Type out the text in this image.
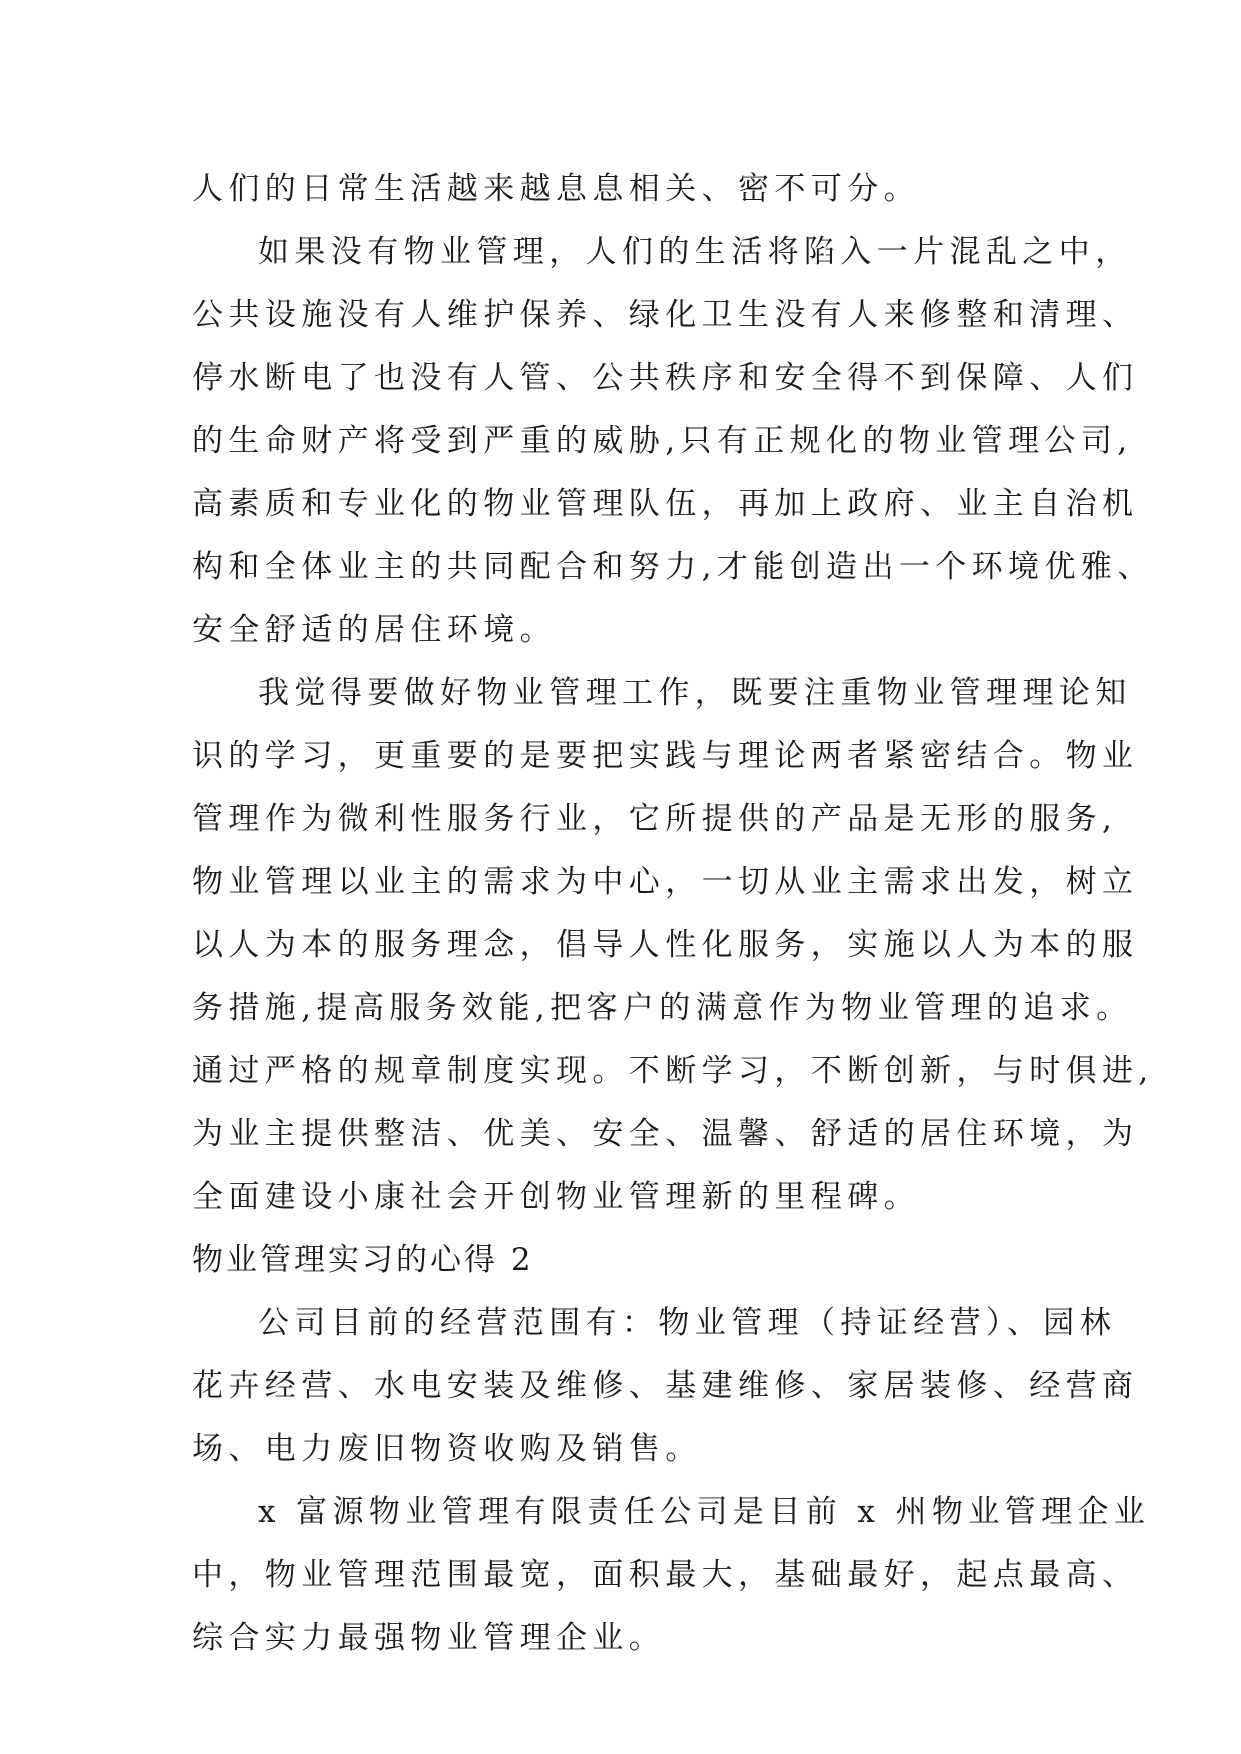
人们的日常生活越来越息息相关、密不可分。
如果没有物业管理，人们的生活将陷入一片混乱之中，
公共设施没有人维护保养、绿化卫生没有人来修整和清理、
停水断电了也没有人管、公共秩序和安全得不到保障、人们
的生命财产将受到严重的威胁,只有正规化的物业管理公司,
高素质和专业化的物业管理队伍，再加上政府、业主自治机
构和全体业主的共同配合和努力,才能创造出一个环境优雅、
安全舒适的居住环境。
我觉得要做好物业管理工作，既要注重物业管理理论知
识的学习，更重要的是要把实践与理论两者紧密结合。物业
管理作为微利性服务行业，它所提供的产品是无形的服务,
物业管理以业主的需求为中心，一切从业主需求出发，树立
以人为本的服务理念，倡导人性化服务，实施以人为本的服
务措施,提高服务效能,把客户的满意作为物业管理的追求。
通过严格的规章制度实现。不断学习，不断创新，与时俱进,
为业主提供整洁、优美、安全、温馨、舒适的居住环境，为
全面建设小康社会开创物业管理新的里程碑。
物业管理实习的心得 2
公司目前的经营范围有：物业管理（持证经营）、园林
花卉经营、水电安装及维修、基建维修、家居装修、经营商
场、电力废旧物资收购及销售。
x 富源物业管理有限责任公司是目前 x 州物业管理企业
中，物业管理范围最宽，面积最大，基础最好，起点最高、
综合实力最强物业管理企业。
